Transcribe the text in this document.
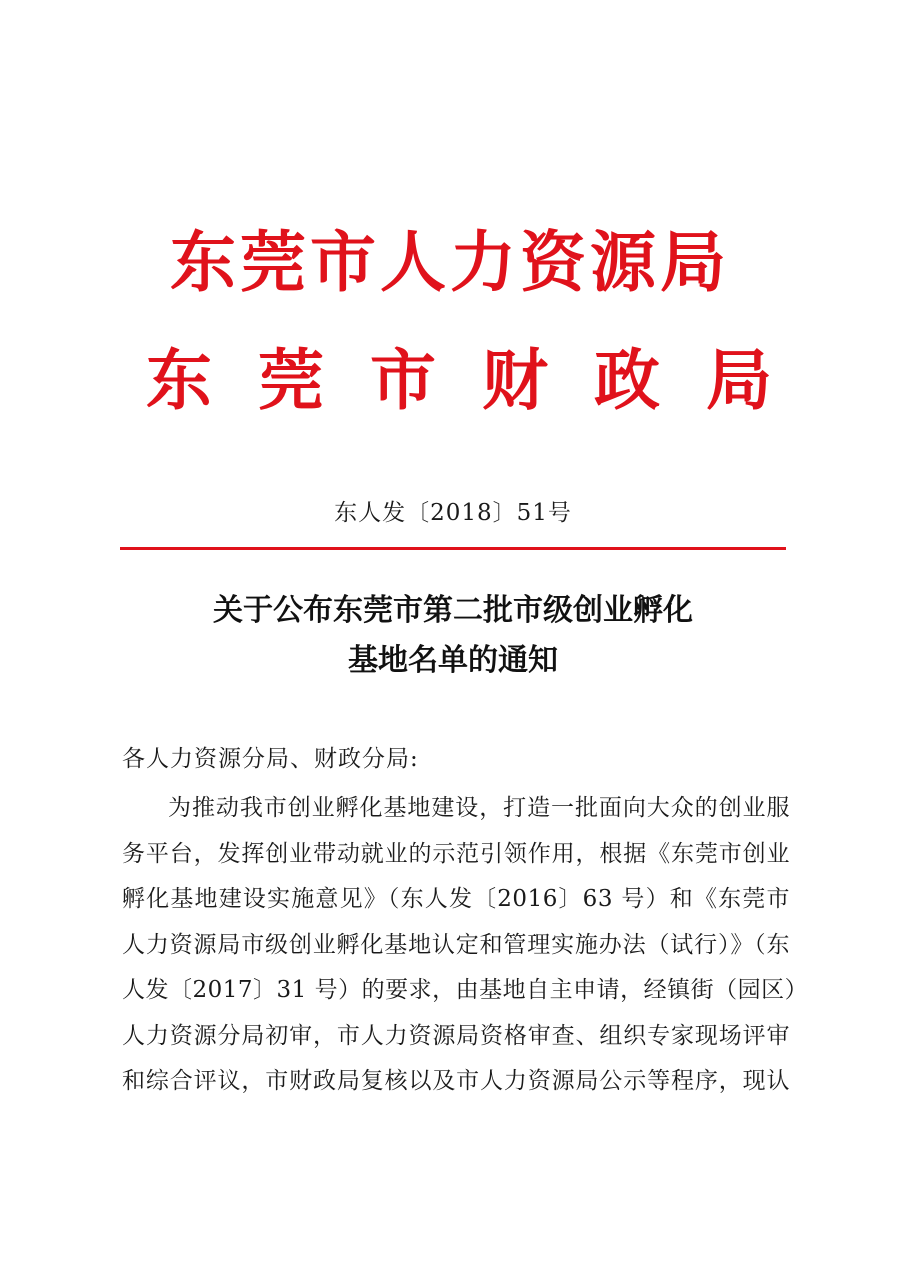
东莞市人力资源局
东莞市财政局
东人发〔2018〕51号
关于公布东莞市第二批市级创业孵化
基地名单的通知
各人力资源分局、财政分局:
为推动我市创业孵化基地建设，打造一批面向大众的创业服
务平台，发挥创业带动就业的示范引领作用，根据《东莞市创业
孵化基地建设实施意见》（东人发〔2016〕63 号）和《东莞市
人力资源局市级创业孵化基地认定和管理实施办法（试行）》（东
人发〔2017〕31 号）的要求，由基地自主申请，经镇街（园区）
人力资源分局初审，市人力资源局资格审查、组织专家现场评审
和综合评议，市财政局复核以及市人力资源局公示等程序，现认
